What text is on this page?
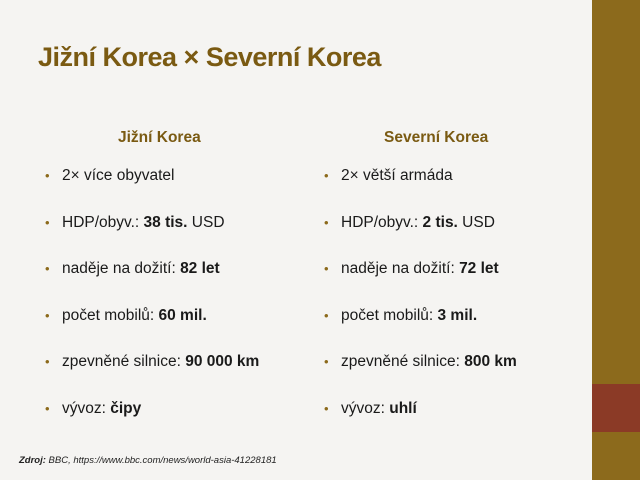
Jižní Korea × Severní Korea
Jižní Korea	Severní Korea
• 2× více obyvatel
• HDP/obyv.: 38 tis. USD
• naděje na dožití: 82 let
• počet mobilů: 60 mil.
• zpevněné silnice: 90 000 km
• vývoz: čipy
• 2× větší armáda
• HDP/obyv.: 2 tis. USD
• naděje na dožití: 72 let
• počet mobilů: 3 mil.
• zpevněné silnice: 800 km
• vývoz: uhlí
Zdroj: BBC, https://www.bbc.com/news/world-asia-41228181
